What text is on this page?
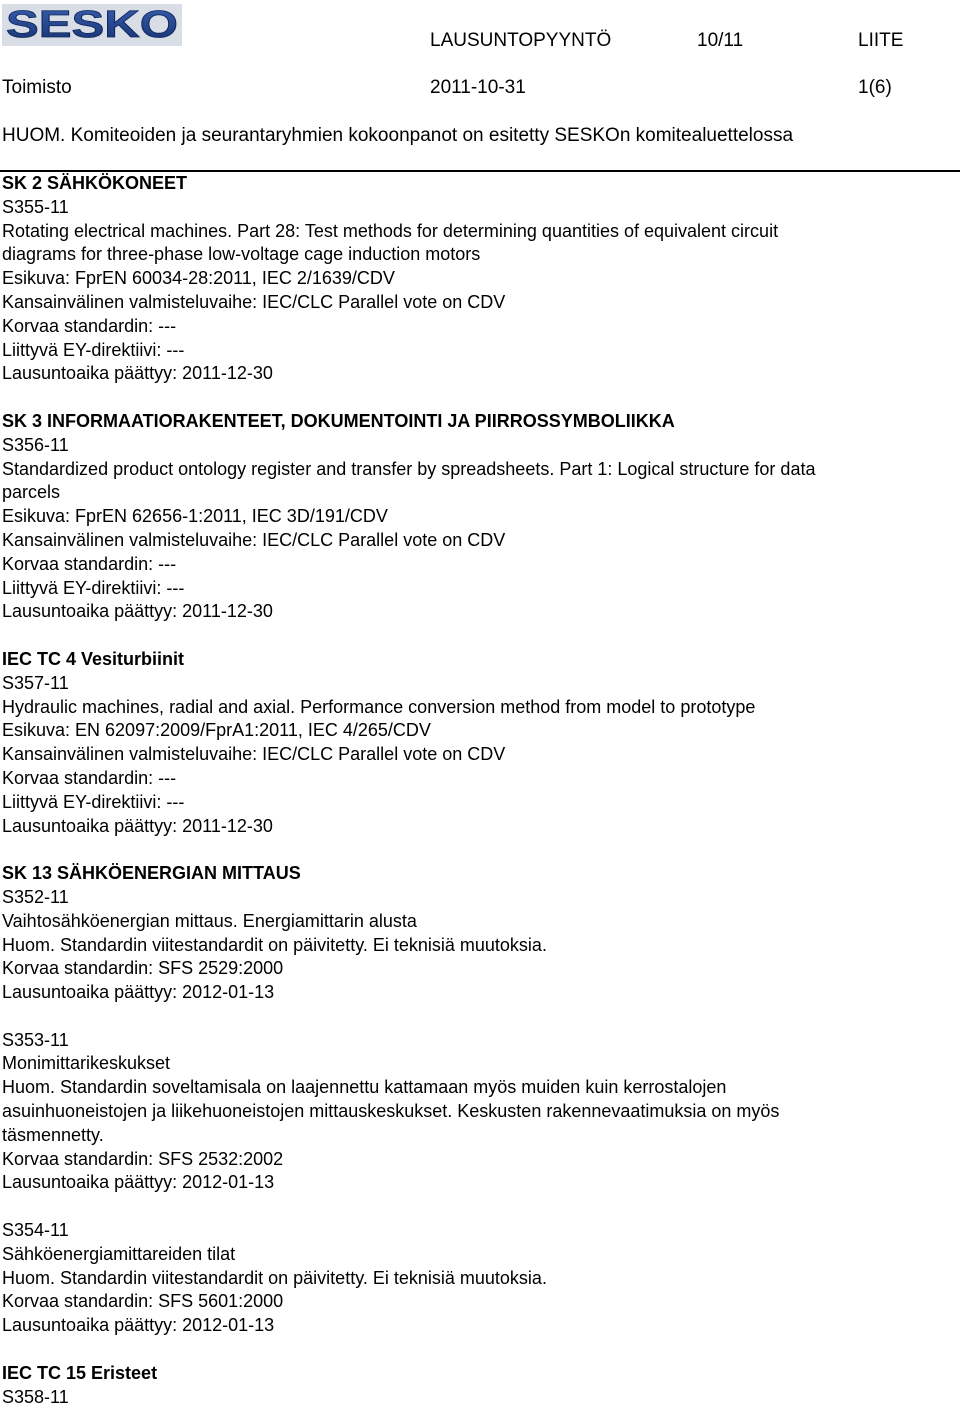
SESKO	LAUSUNTOPYYNTÖ	10/11	LIITE
Toimisto	2011-10-31	1(6)
HUOM. Komiteoiden ja seurantaryhmien kokoonpanot on esitetty SESKOn komitealuettelossa
SK 2 SÄHKÖKONEET
S355-11
Rotating electrical machines. Part 28: Test methods for determining quantities of equivalent circuit
diagrams for three-phase low-voltage cage induction motors
Esikuva: FprEN 60034-28:2011, IEC 2/1639/CDV
Kansainvälinen valmisteluvaihe: IEC/CLC Parallel vote on CDV
Korvaa standardin: ---
Liittyvä EY-direktiivi: ---
Lausuntoaika päättyy: 2011-12-30
SK 3 INFORMAATIORAKENTEET, DOKUMENTOINTI JA PIIRROSSYMBOLIIKKA
S356-11
Standardized product ontology register and transfer by spreadsheets. Part 1: Logical structure for data
parcels
Esikuva: FprEN 62656-1:2011, IEC 3D/191/CDV
Kansainvälinen valmisteluvaihe: IEC/CLC Parallel vote on CDV
Korvaa standardin: ---
Liittyvä EY-direktiivi: ---
Lausuntoaika päättyy: 2011-12-30
IEC TC 4 Vesiturbiinit
S357-11
Hydraulic machines, radial and axial. Performance conversion method from model to prototype
Esikuva: EN 62097:2009/FprA1:2011, IEC 4/265/CDV
Kansainvälinen valmisteluvaihe: IEC/CLC Parallel vote on CDV
Korvaa standardin: ---
Liittyvä EY-direktiivi: ---
Lausuntoaika päättyy: 2011-12-30
SK 13 SÄHKÖENERGIAN MITTAUS
S352-11
Vaihtosähköenergian mittaus. Energiamittarin alusta
Huom. Standardin viitestandardit on päivitetty. Ei teknisiä muutoksia.
Korvaa standardin: SFS 2529:2000
Lausuntoaika päättyy: 2012-01-13
S353-11
Monimittarikeskukset
Huom. Standardin soveltamisala on laajennettu kattamaan myös muiden kuin kerrostalojen
asuinhuoneistojen ja liikehuoneistojen mittauskeskukset. Keskusten rakennevaatimuksia on myös
täsmennetty.
Korvaa standardin: SFS 2532:2002
Lausuntoaika päättyy: 2012-01-13
S354-11
Sähköenergiamittareiden tilat
Huom. Standardin viitestandardit on päivitetty. Ei teknisiä muutoksia.
Korvaa standardin: SFS 5601:2000
Lausuntoaika päättyy: 2012-01-13
IEC TC 15 Eristeet
S358-11
